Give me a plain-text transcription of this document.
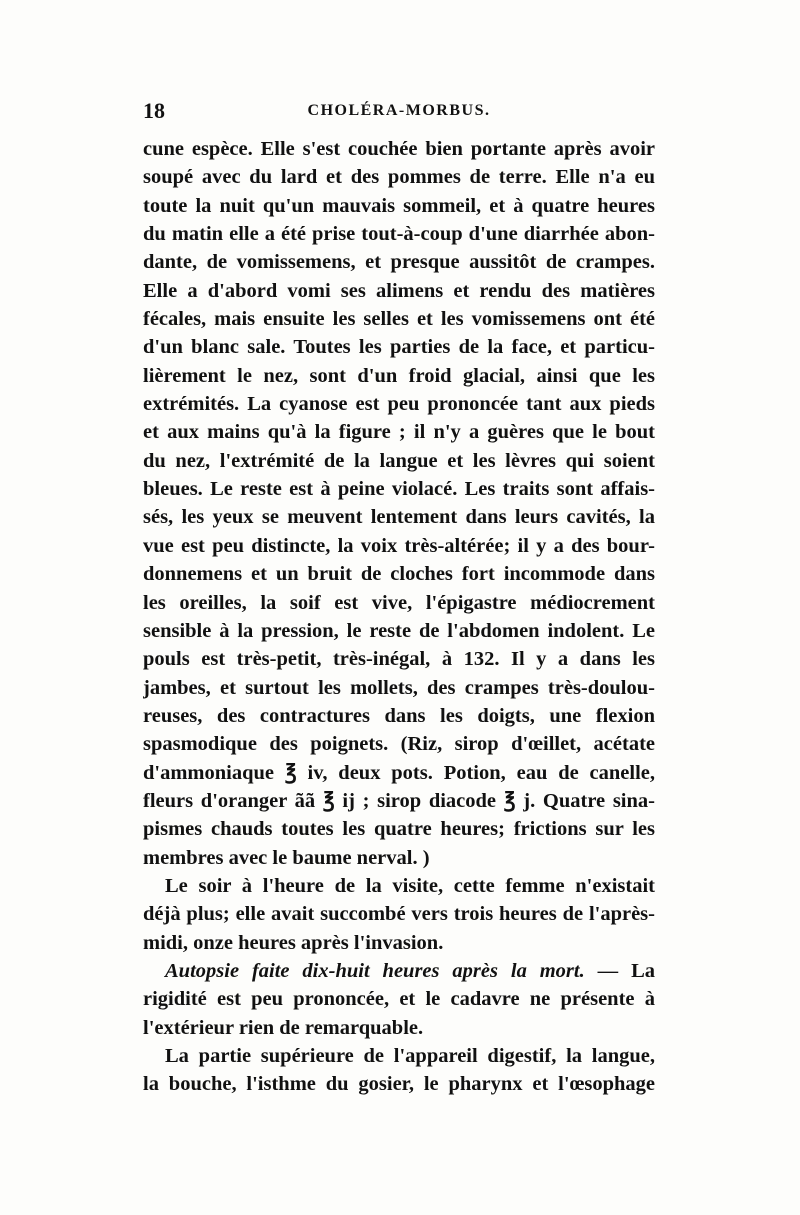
18	CHOLÉRA-MORBUS.
cune espèce. Elle s'est couchée bien portante après avoir
soupé avec du lard et des pommes de terre. Elle n'a eu
toute la nuit qu'un mauvais sommeil, et à quatre heures
du matin elle a été prise tout-à-coup d'une diarrhée abon-
dante, de vomissemens, et presque aussitôt de crampes.
Elle a d'abord vomi ses alimens et rendu des matières
fécales, mais ensuite les selles et les vomissemens ont été
d'un blanc sale. Toutes les parties de la face, et particu-
lièrement le nez, sont d'un froid glacial, ainsi que les
extrémités. La cyanose est peu prononcée tant aux pieds
et aux mains qu'à la figure ; il n'y a guères que le bout
du nez, l'extrémité de la langue et les lèvres qui soient
bleues. Le reste est à peine violacé. Les traits sont affais-
sés, les yeux se meuvent lentement dans leurs cavités, la
vue est peu distincte, la voix très-altérée; il y a des bour-
donnemens et un bruit de cloches fort incommode dans
les oreilles, la soif est vive, l'épigastre médiocrement
sensible à la pression, le reste de l'abdomen indolent. Le
pouls est très-petit, très-inégal, à 132. Il y a dans les
jambes, et surtout les mollets, des crampes très-doulou-
reuses, des contractures dans les doigts, une flexion
spasmodique des poignets. (Riz, sirop d'œillet, acétate
d'ammoniaque ℥ iv, deux pots. Potion, eau de canelle,
fleurs d'oranger ãã ℥ ij ; sirop diacode ℥ j. Quatre sina-
pismes chauds toutes les quatre heures; frictions sur les
membres avec le baume nerval. )
Le soir à l'heure de la visite, cette femme n'existait
déjà plus; elle avait succombé vers trois heures de l'après-
midi, onze heures après l'invasion.
Autopsie faite dix-huit heures après la mort. — La
rigidité est peu prononcée, et le cadavre ne présente à
l'extérieur rien de remarquable.
La partie supérieure de l'appareil digestif, la langue,
la bouche, l'isthme du gosier, le pharynx et l'œsophage
